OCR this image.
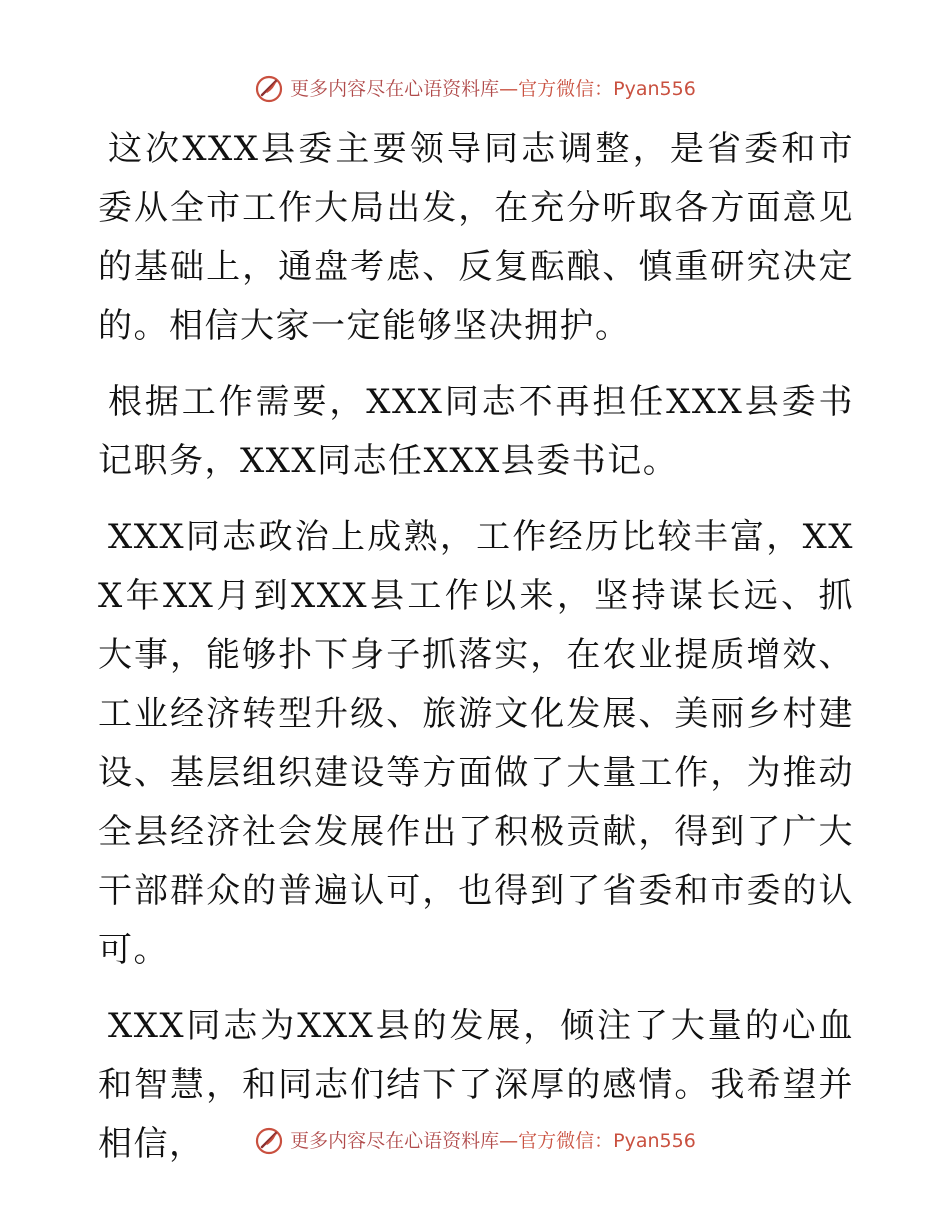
更多内容尽在心语资料库 —官方微信：Pyan556

这次XXX县委主要领导同志调整，是省委和市委从全市工作大局出发，在充分听取各方面意见的基础上，通盘考虑、反复酝酿、慎重研究决定的。相信大家一定能够坚决拥护。

根据工作需要，XXX同志不再担任XXX县委书记职务，XXX同志任XXX县委书记。

XXX同志政治上成熟，工作经历比较丰富，XXX年XX月到XXX县工作以来，坚持谋长远、抓大事，能够扑下身子抓落实，在农业提质增效、工业经济转型升级、旅游文化发展、美丽乡村建设、基层组织建设等方面做了大量工作，为推动全县经济社会发展作出了积极贡献，得到了广大干部群众的普遍认可，也得到了省委和市委的认可。

XXX同志为XXX县的发展，倾注了大量的心血和智慧，和同志们结下了深厚的感情。我希望并相信，	更多内容尽在心语资料库 —官方微信：Pyan556
